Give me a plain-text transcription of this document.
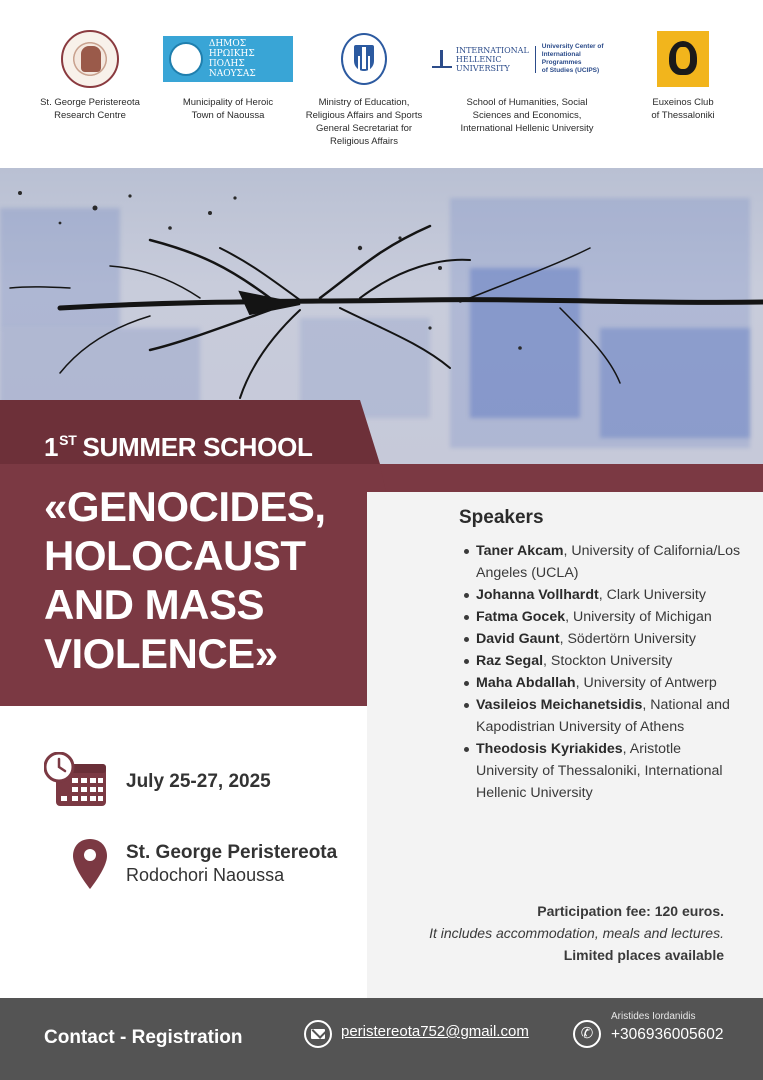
St. George Peristereota
Research Centre
ΔΗΜΟΣ
ΗΡΩΙΚΗΣ ΠΟΛΗΣ
ΝΑΟΥΣΑΣ
Municipality of Heroic
Town of Naoussa
Ministry of Education,
Religious Affairs and Sports
General Secretariat for
Religious Affairs
INTERNATIONAL
HELLENIC
UNIVERSITY
University Center of
International Programmes
of Studies (UCIPS)
School of Humanities, Social
Sciences and Economics,
International Hellenic University
Euxeinos Club
of Thessaloniki
1ST SUMMER SCHOOL
«GENOCIDES,
HOLOCAUST
AND MASS
VIOLENCE»
Speakers
Taner Akcam, University of California/Los Angeles (UCLA)
Johanna Vollhardt, Clark University
Fatma Gocek, University of Michigan
David Gaunt, Södertörn University
Raz Segal, Stockton University
Maha Abdallah, University of Antwerp
Vasileios Meichanetsidis, National and Kapodistrian University of Athens
Theodosis Kyriakides, Aristotle University of Thessaloniki, International Hellenic University
Participation fee: 120 euros.
It includes accommodation, meals and lectures.
Limited places available
July 25-27, 2025
St. George Peristereota
Rodochori Naoussa
Contact - Registration	peristereota752@gmail.com	✆
Aristides Iordanidis
+306936005602
